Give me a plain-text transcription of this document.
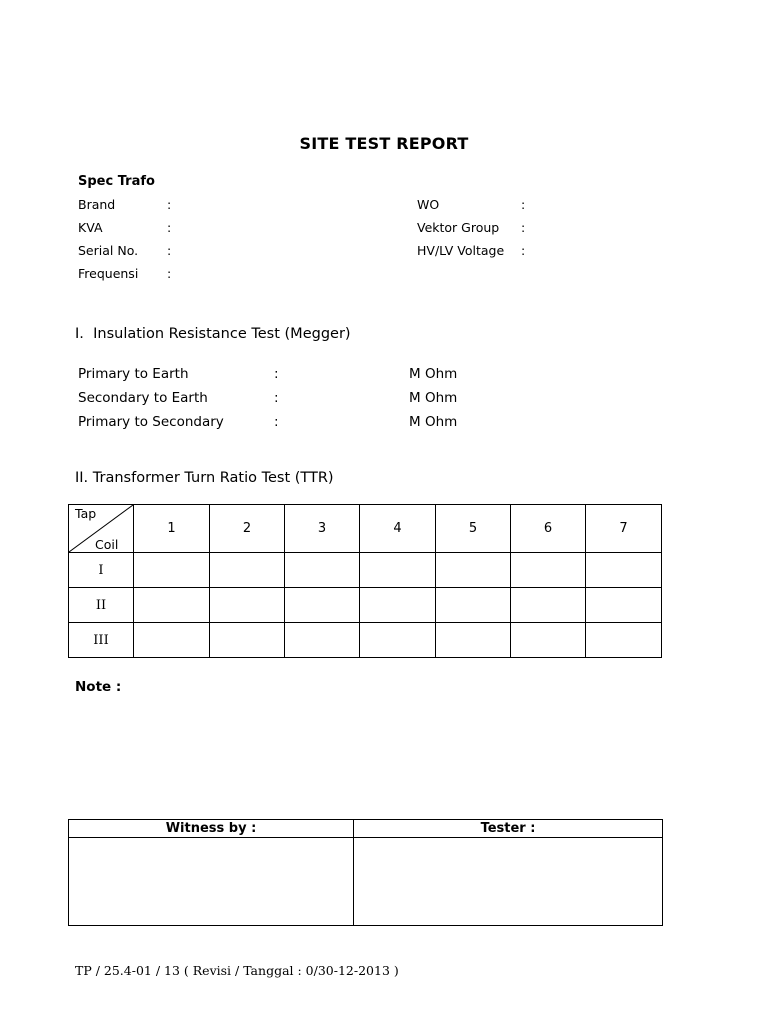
SITE TEST REPORT
Spec Trafo
Brand	:
KVA	:
Serial No. :
Frequensi :
WO	:
Vektor Group :
HV/LV Voltage :
I. Insulation Resistance Test (Megger)
Primary to Earth	:	M Ohm
Secondary to Earth	:	M Ohm
Primary to Secondary	:	M Ohm
II. Transformer Turn Ratio Test (TTR)
Tap
Coil	1	2	3	4	5	6	7
I							
II							
III							
Note :
Witness by :	Tester :

TP / 25.4-01 / 13 ( Revisi / Tanggal : 0/30-12-2013 )
